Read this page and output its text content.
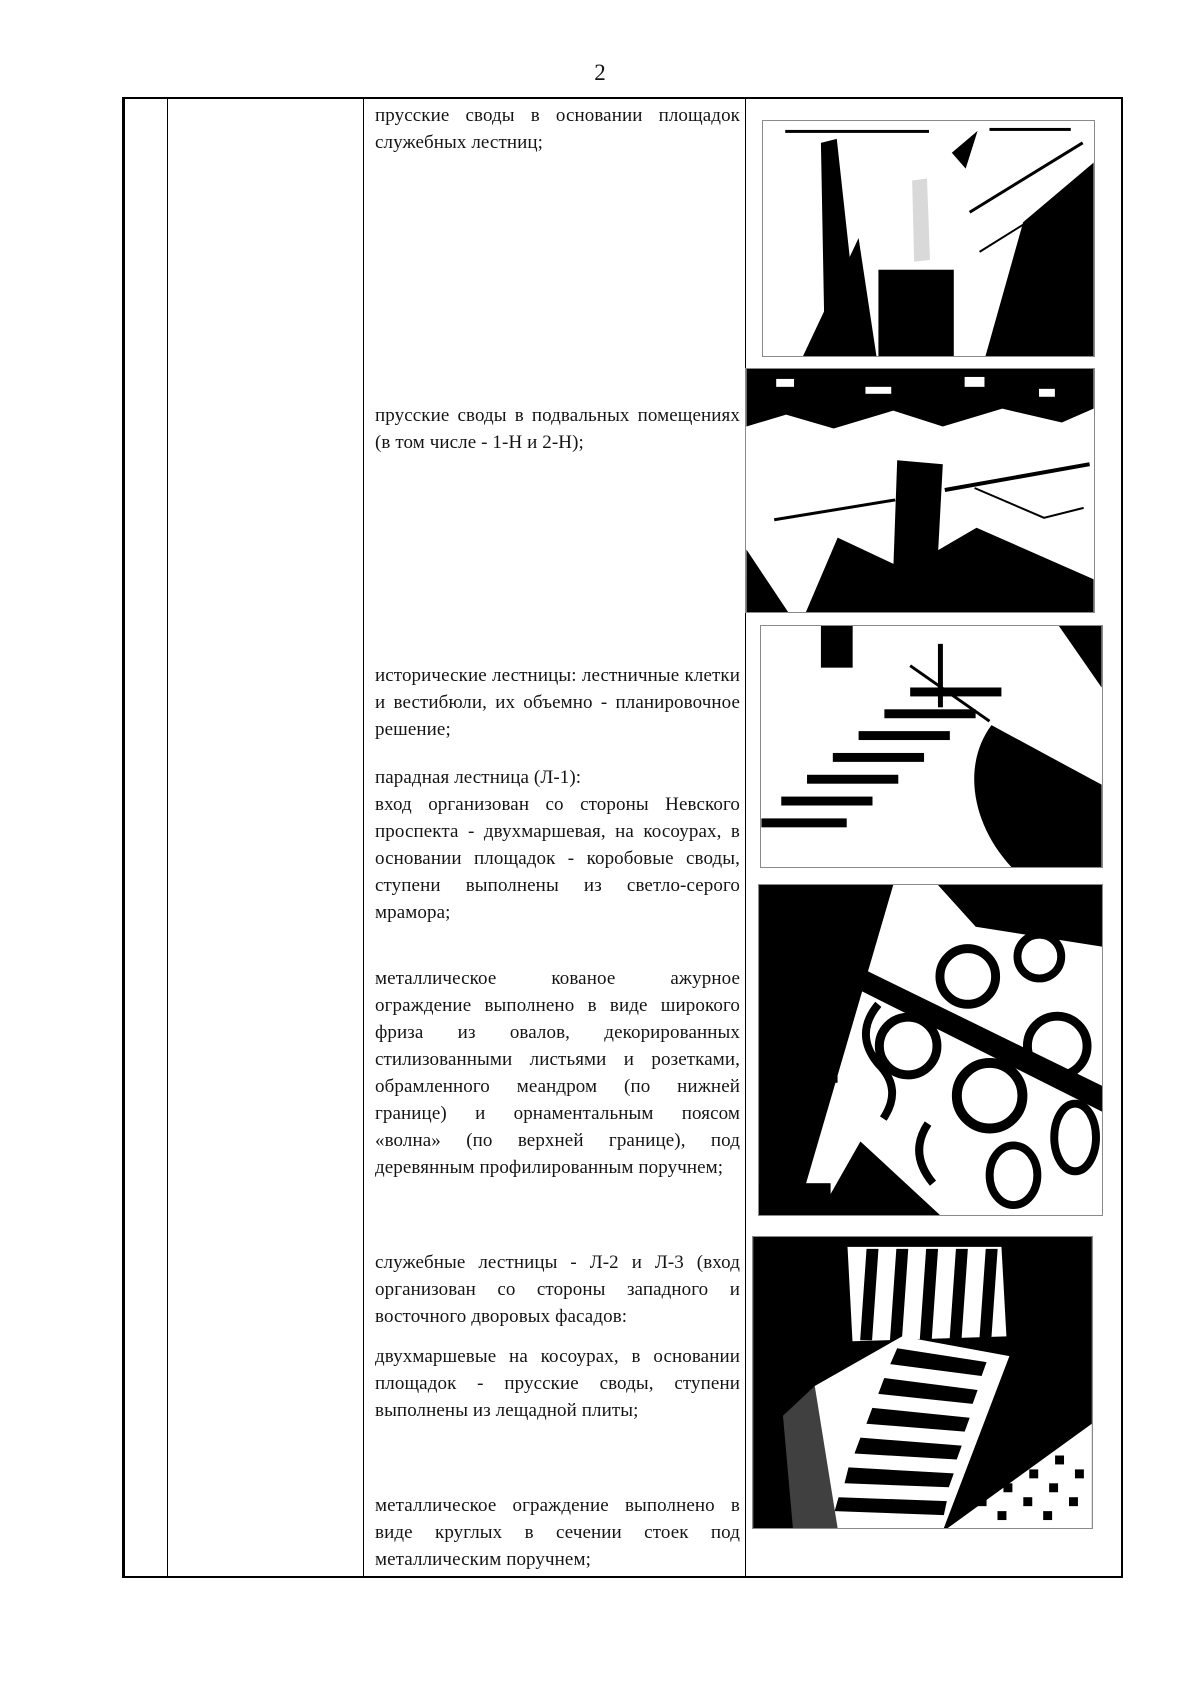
2

прусские своды в основании площадок служебных лестниц;

прусские своды в подвальных помещениях (в том числе - 1-Н и 2-Н);

исторические лестницы: лестничные клетки и вестибюли, их объемно - планировочное решение;

парадная лестница (Л-1):

вход организован со стороны Невского проспекта - двухмаршевая, на косоурах, в основании площадок - коробовые своды, ступени выполнены из светло-серого мрамора;

металлическое кованое ажурное ограждение выполнено в виде широкого фриза из овалов, декорированных стилизованными листьями и розетками, обрамленного меандром (по нижней границе) и орнаментальным поясом «волна» (по верхней границе), под деревянным профилированным поручнем;

служебные лестницы - Л-2 и Л-3 (вход организован со стороны западного и восточного дворовых фасадов:

двухмаршевые на косоурах, в основании площадок - прусские своды, ступени выполнены из лещадной плиты;

металлическое ограждение выполнено в виде круглых в сечении стоек под металлическим поручнем;
